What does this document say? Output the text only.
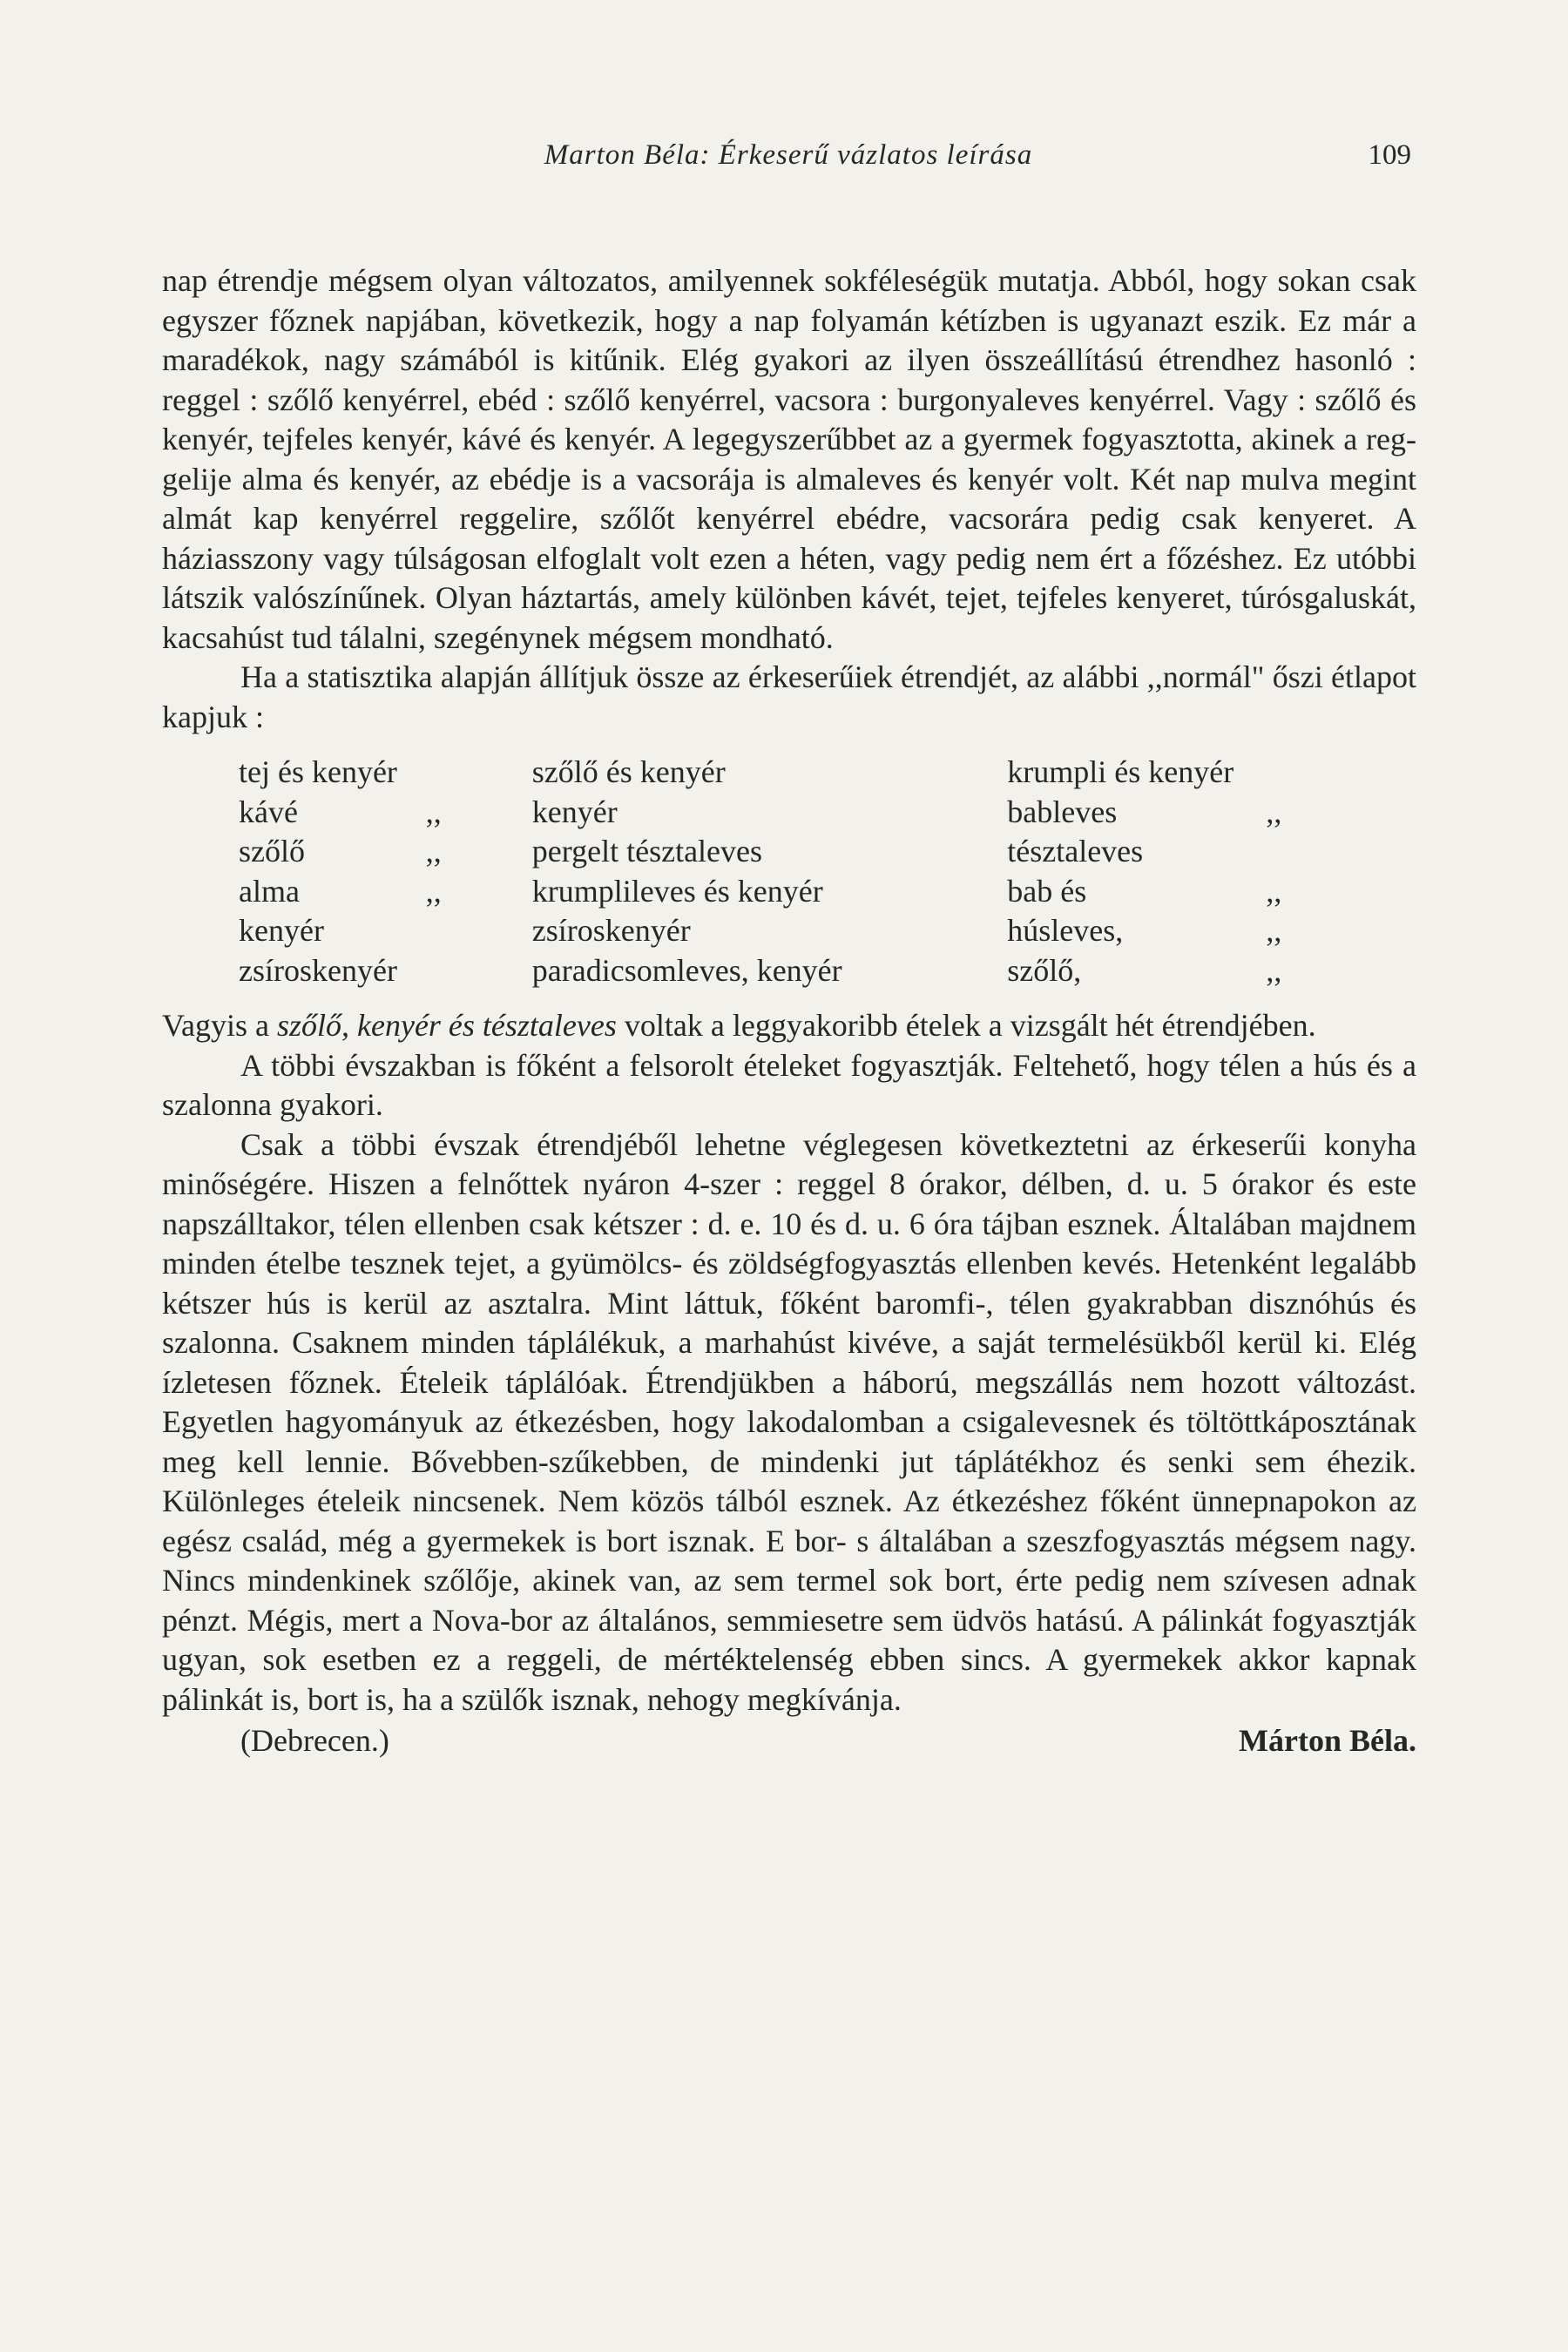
Marton Béla: Érkeserű vázlatos leírása	109

nap étrendje mégsem olyan változatos, amilyennek sokféleségük mutatja. Abból, hogy sokan csak egyszer főznek napjában, következik, hogy a nap folyamán kétízben is ugyanazt eszik. Ez már a maradékok, nagy számából is kitűnik. Elég gyakori az ilyen összeállítású étrendhez hasonló : reggel : szőlő kenyérrel, ebéd : szőlő kenyérrel, vacsora : burgonyaleves kenyérrel. Vagy : szőlő és kenyér, tejfeles kenyér, kávé és kenyér. A legegyszerűbbet az a gyermek fogyasztotta, akinek a reggelije alma és kenyér, az ebédje is a vacsorája is almaleves és kenyér volt. Két nap mulva megint almát kap kenyérrel reggelire, szőlőt kenyérrel ebédre, vacsorára pedig csak kenyeret. A háziasszony vagy túlságosan elfoglalt volt ezen a héten, vagy pedig nem ért a főzéshez. Ez utóbbi látszik valószínűnek. Olyan háztartás, amely különben kávét, tejet, tejfeles kenyeret, túrósgaluskát, kacsahúst tud tálalni, szegénynek mégsem mondható.

Ha a statisztika alapján állítjuk össze az érkeserűiek étrendjét, az alábbi ,,normál" őszi étlapot kapjuk :

tej és kenyér		szőlő és kenyér	krumpli és kenyér	
kávé	,,	kenyér	bableves	,,
szőlő	,,	pergelt tésztaleves	tésztaleves	
alma	,,	krumplileves és kenyér	bab és	,,
kenyér		zsíroskenyér	húsleves,	,,
zsíroskenyér		paradicsomleves, kenyér	szőlő,	,,

Vagyis a szőlő, kenyér és tésztaleves voltak a leggyakoribb ételek a vizsgált hét étrendjében.

A többi évszakban is főként a felsorolt ételeket fogyasztják. Feltehető, hogy télen a hús és a szalonna gyakori.

Csak a többi évszak étrendjéből lehetne véglegesen következtetni az érkeserűi konyha minőségére. Hiszen a felnőttek nyáron 4-szer : reggel 8 órakor, délben, d. u. 5 órakor és este napszálltakor, télen ellenben csak kétszer : d. e. 10 és d. u. 6 óra tájban esznek. Általában majdnem minden ételbe tesznek tejet, a gyümölcs- és zöldségfogyasztás ellenben kevés. Hetenként legalább kétszer hús is kerül az asztalra. Mint láttuk, főként baromfi-, télen gyakrabban disznóhús és szalonna. Csaknem minden táplálékuk, a marhahúst kivéve, a saját termelésükből kerül ki. Elég ízletesen főznek. Ételeik táplálóak. Étrendjükben a háború, megszállás nem hozott változást. Egyetlen hagyományuk az étkezésben, hogy lakodalomban a csigalevesnek és töltöttkáposztának meg kell lennie. Bővebben-szűkebben, de mindenki jut táplátékhoz és senki sem éhezik. Különleges ételeik nincsenek. Nem közös tálból esznek. Az étkezéshez főként ünnepnapokon az egész család, még a gyermekek is bort isznak. E bor- s általában a szeszfogyasztás mégsem nagy. Nincs mindenkinek szőlője, akinek van, az sem termel sok bort, érte pedig nem szívesen adnak pénzt. Mégis, mert a Nova-bor az általános, semmiesetre sem üdvös hatású. A pálinkát fogyasztják ugyan, sok esetben ez a reggeli, de mértéktelenség ebben sincs. A gyermekek akkor kapnak pálinkát is, bort is, ha a szülők isznak, nehogy megkívánja.

(Debrecen.)	Márton Béla.
